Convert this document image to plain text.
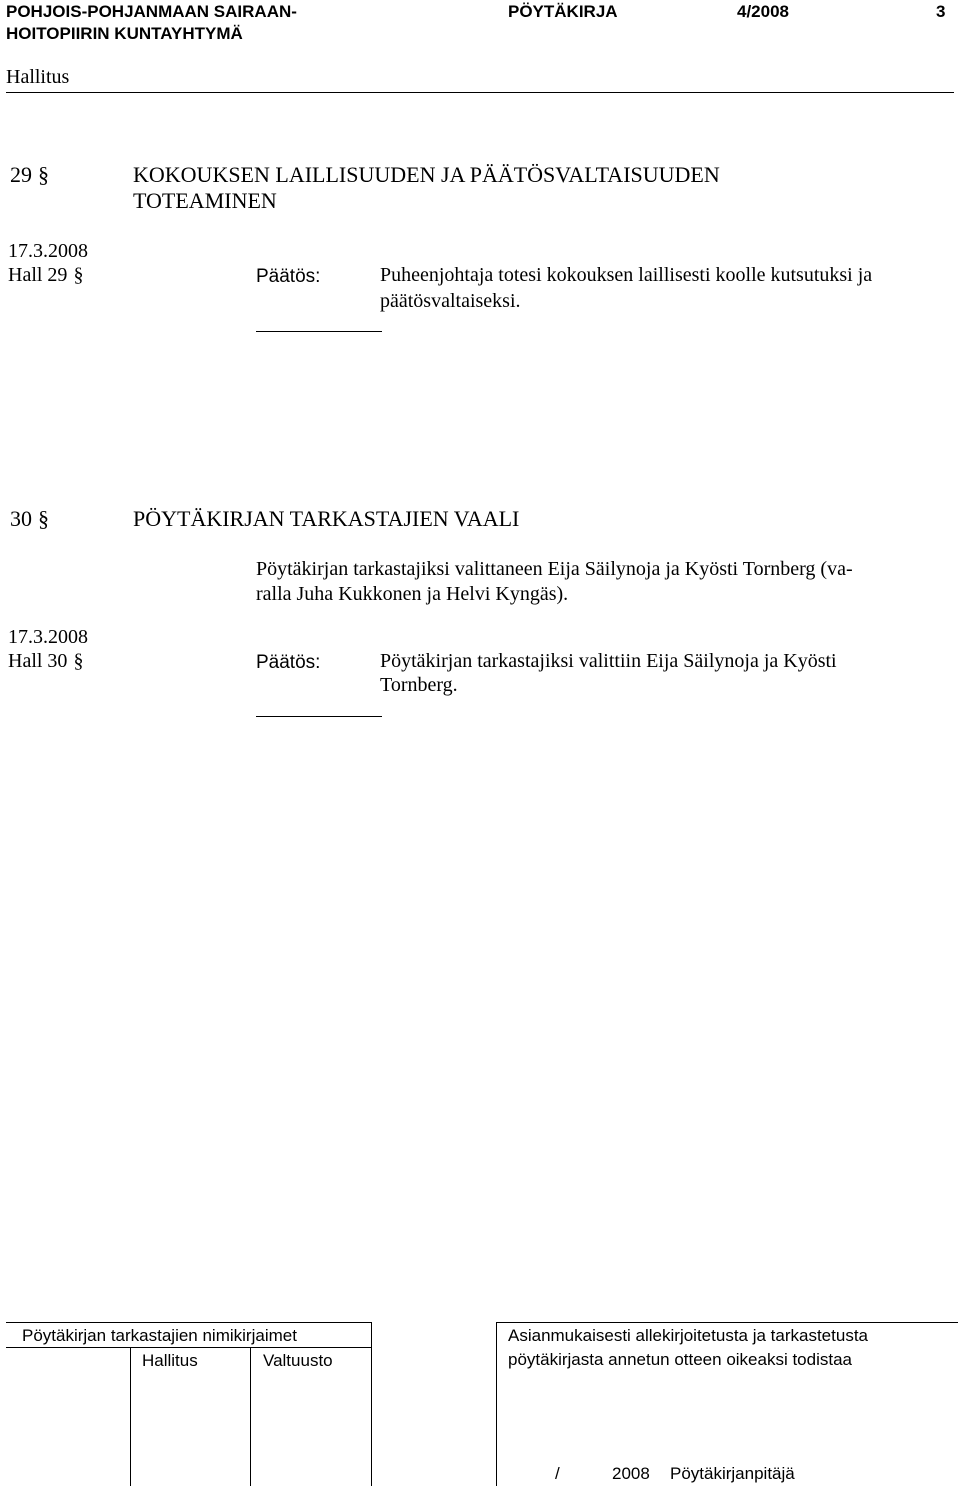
POHJOIS-POHJANMAAN SAIRAAN-
HOITOPIIRIN KUNTAYHTYMÄ
PÖYTÄKIRJA	4/2008	3
Hallitus
29 §	KOKOUKSEN LAILLISUUDEN JA PÄÄTÖSVALTAISUUDEN
TOTEAMINEN
17.3.2008
Hall 29 §	Päätös:	Puheenjohtaja totesi kokouksen laillisesti koolle kutsutuksi ja
päätösvaltaiseksi.
30 §	PÖYTÄKIRJAN TARKASTAJIEN VAALI
Pöytäkirjan tarkastajiksi valittaneen Eija Säilynoja ja Kyösti Tornberg (va-
ralla Juha Kukkonen ja Helvi Kyngäs).
17.3.2008
Hall 30 §	Päätös:	Pöytäkirjan tarkastajiksi valittiin Eija Säilynoja ja Kyösti
Tornberg.
Pöytäkirjan tarkastajien nimikirjaimet
Hallitus	Valtuusto
Asianmukaisesti allekirjoitetusta ja tarkastetusta
pöytäkirjasta annetun otteen oikeaksi todistaa
/	2008 Pöytäkirjanpitäjä
